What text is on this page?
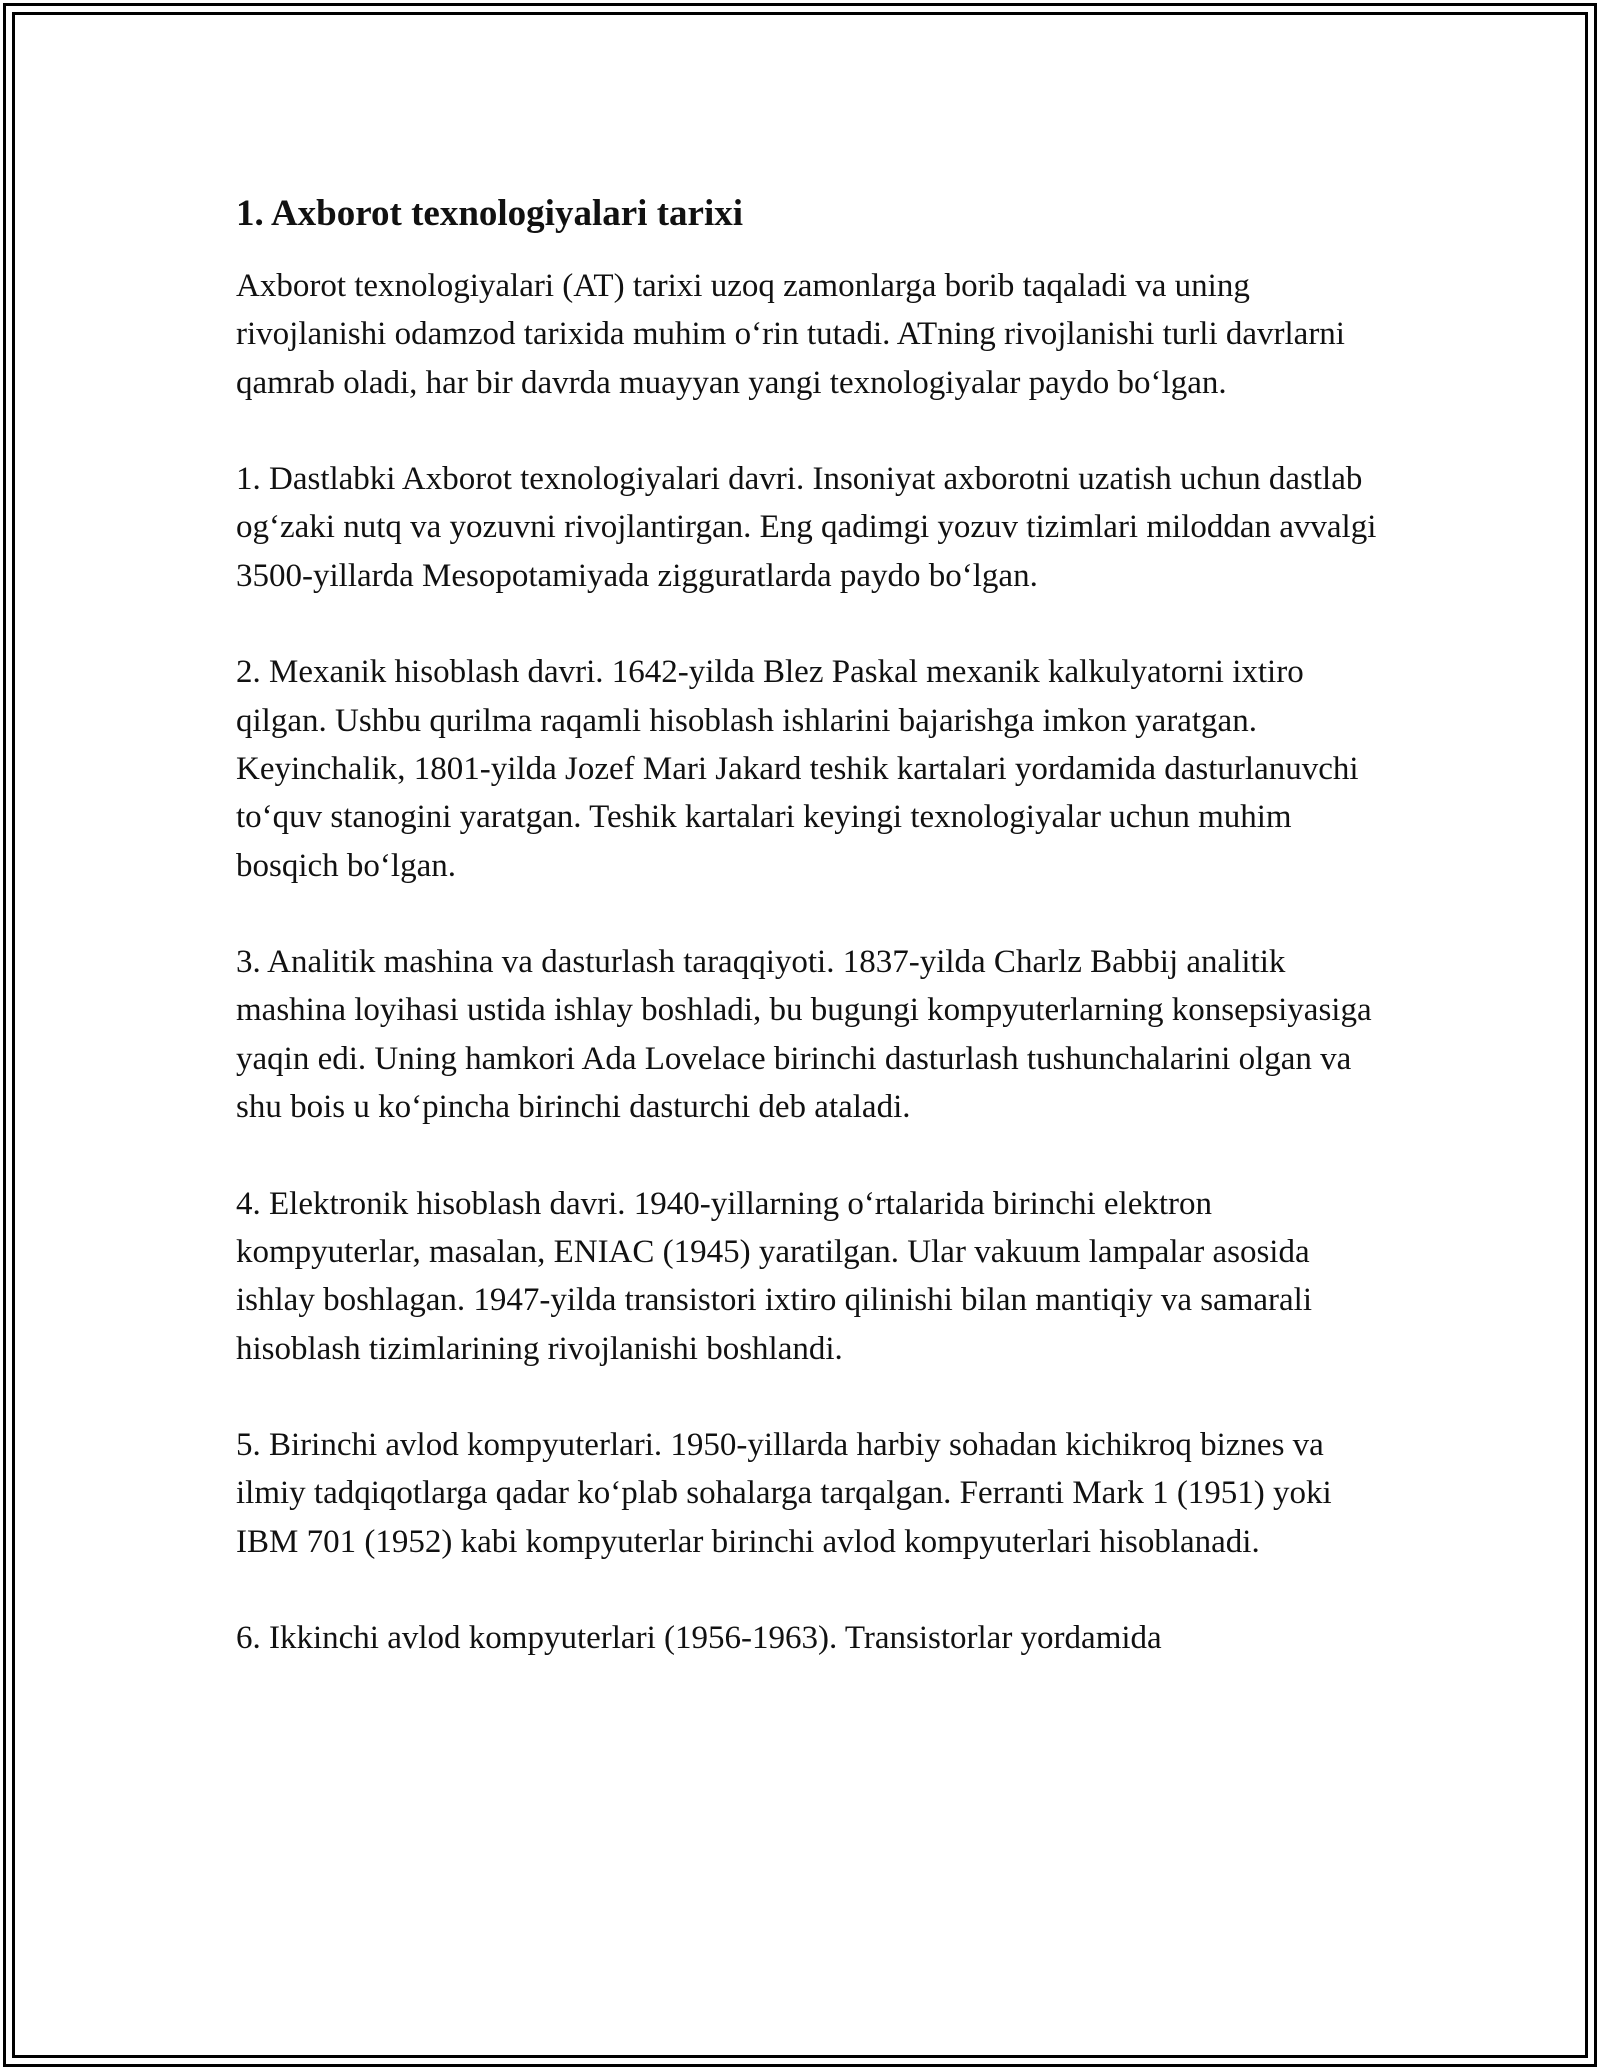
1. Axborot texnologiyalari tarixi

Axborot texnologiyalari (AT) tarixi uzoq zamonlarga borib taqaladi va uning rivojlanishi odamzod tarixida muhim o‘rin tutadi. ATning rivojlanishi turli davrlarni qamrab oladi, har bir davrda muayyan yangi texnologiyalar paydo bo‘lgan.

1. Dastlabki Axborot texnologiyalari davri. Insoniyat axborotni uzatish uchun dastlab og‘zaki nutq va yozuvni rivojlantirgan. Eng qadimgi yozuv tizimlari miloddan avvalgi 3500-yillarda Mesopotamiyada zigguratlarda paydo bo‘lgan.

2. Mexanik hisoblash davri. 1642-yilda Blez Paskal mexanik kalkulyatorni ixtiro qilgan. Ushbu qurilma raqamli hisoblash ishlarini bajarishga imkon yaratgan. Keyinchalik, 1801-yilda Jozef Mari Jakard teshik kartalari yordamida dasturlanuvchi to‘quv stanogini yaratgan. Teshik kartalari keyingi texnologiyalar uchun muhim bosqich bo‘lgan.

3. Analitik mashina va dasturlash taraqqiyoti. 1837-yilda Charlz Babbij analitik mashina loyihasi ustida ishlay boshladi, bu bugungi kompyuterlarning konsepsiyasiga yaqin edi. Uning hamkori Ada Lovelace birinchi dasturlash tushunchalarini olgan va shu bois u ko‘pincha birinchi dasturchi deb ataladi.

4. Elektronik hisoblash davri. 1940-yillarning o‘rtalarida birinchi elektron kompyuterlar, masalan, ENIAC (1945) yaratilgan. Ular vakuum lampalar asosida ishlay boshlagan. 1947-yilda transistori ixtiro qilinishi bilan mantiqiy va samarali hisoblash tizimlarining rivojlanishi boshlandi.

5. Birinchi avlod kompyuterlari. 1950-yillarda harbiy sohadan kichikroq biznes va ilmiy tadqiqotlarga qadar ko‘plab sohalarga tarqalgan. Ferranti Mark 1 (1951) yoki IBM 701 (1952) kabi kompyuterlar birinchi avlod kompyuterlari hisoblanadi.

6. Ikkinchi avlod kompyuterlari (1956-1963). Transistorlar yordamida
